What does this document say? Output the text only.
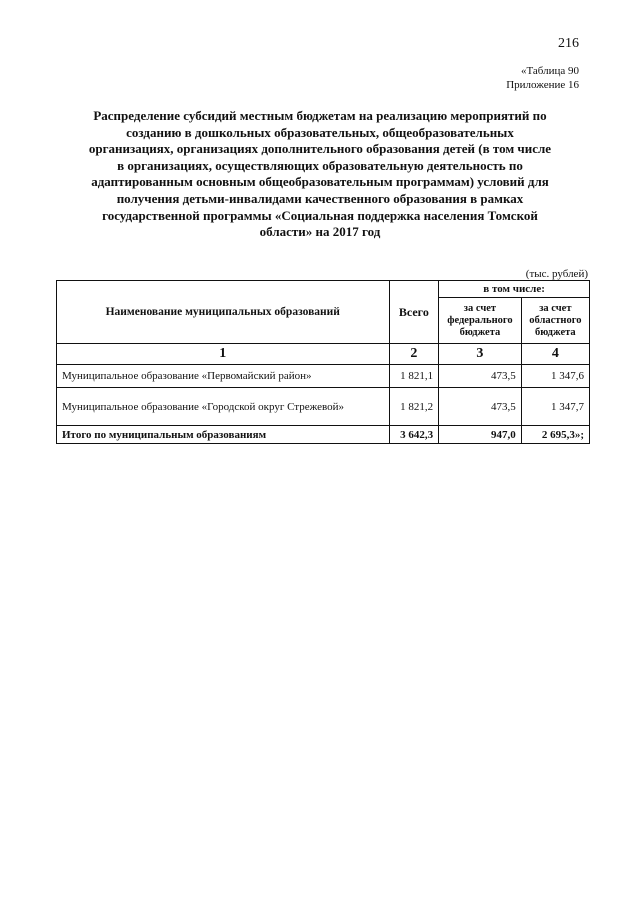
216
«Таблица 90
Приложение 16
Распределение субсидий местным бюджетам на реализацию мероприятий по
созданию в дошкольных образовательных, общеобразовательных
организациях, организациях дополнительного образования детей (в том числе
в организациях, осуществляющих образовательную деятельность по
адаптированным основным общеобразовательным программам) условий для
получения детьми-инвалидами качественного образования в рамках
государственной программы «Социальная поддержка населения Томской
области» на 2017 год
(тыс. рублей)
Наименование муниципальных образований	Всего	в том числе:	
		за счет федерального бюджета	за счет областного бюджета
1	2	3	4
Муниципальное образование «Первомайский район»	1 821,1	473,5	1 347,6
Муниципальное образование «Городской округ Стрежевой»	1 821,2	473,5	1 347,7
Итого по муниципальным образованиям	3 642,3	947,0	2 695,3»;
